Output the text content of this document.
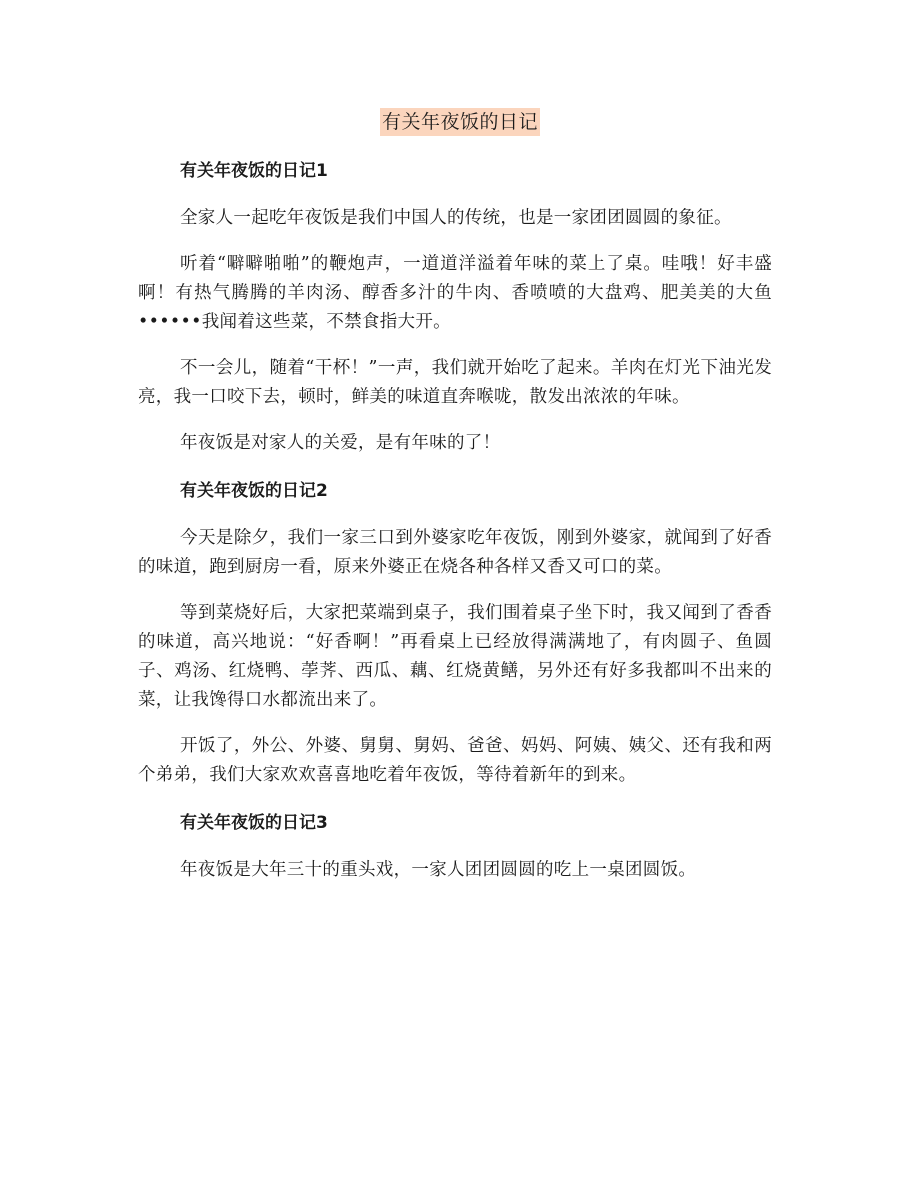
有关年夜饭的日记
有关年夜饭的日记1

全家人一起吃年夜饭是我们中国人的传统，也是一家团团圆圆的象征。

听着“噼噼啪啪”的鞭炮声，一道道洋溢着年味的菜上了桌。哇哦！好丰盛啊！有热气腾腾的羊肉汤、醇香多汁的牛肉、香喷喷的大盘鸡、肥美美的大鱼••••••我闻着这些菜，不禁食指大开。

不一会儿，随着“干杯！”一声，我们就开始吃了起来。羊肉在灯光下油光发亮，我一口咬下去，顿时，鲜美的味道直奔喉咙，散发出浓浓的年味。

年夜饭是对家人的关爱，是有年味的了！

有关年夜饭的日记2

今天是除夕，我们一家三口到外婆家吃年夜饭，刚到外婆家，就闻到了好香的味道，跑到厨房一看，原来外婆正在烧各种各样又香又可口的菜。

等到菜烧好后，大家把菜端到桌子，我们围着桌子坐下时，我又闻到了香香的味道，高兴地说：“好香啊！”再看桌上已经放得满满地了，有肉圆子、鱼圆子、鸡汤、红烧鸭、荸荠、西瓜、藕、红烧黄鳝，另外还有好多我都叫不出来的菜，让我馋得口水都流出来了。

开饭了，外公、外婆、舅舅、舅妈、爸爸、妈妈、阿姨、姨父、还有我和两个弟弟，我们大家欢欢喜喜地吃着年夜饭，等待着新年的到来。

有关年夜饭的日记3

年夜饭是大年三十的重头戏，一家人团团圆圆的吃上一桌团圆饭。
